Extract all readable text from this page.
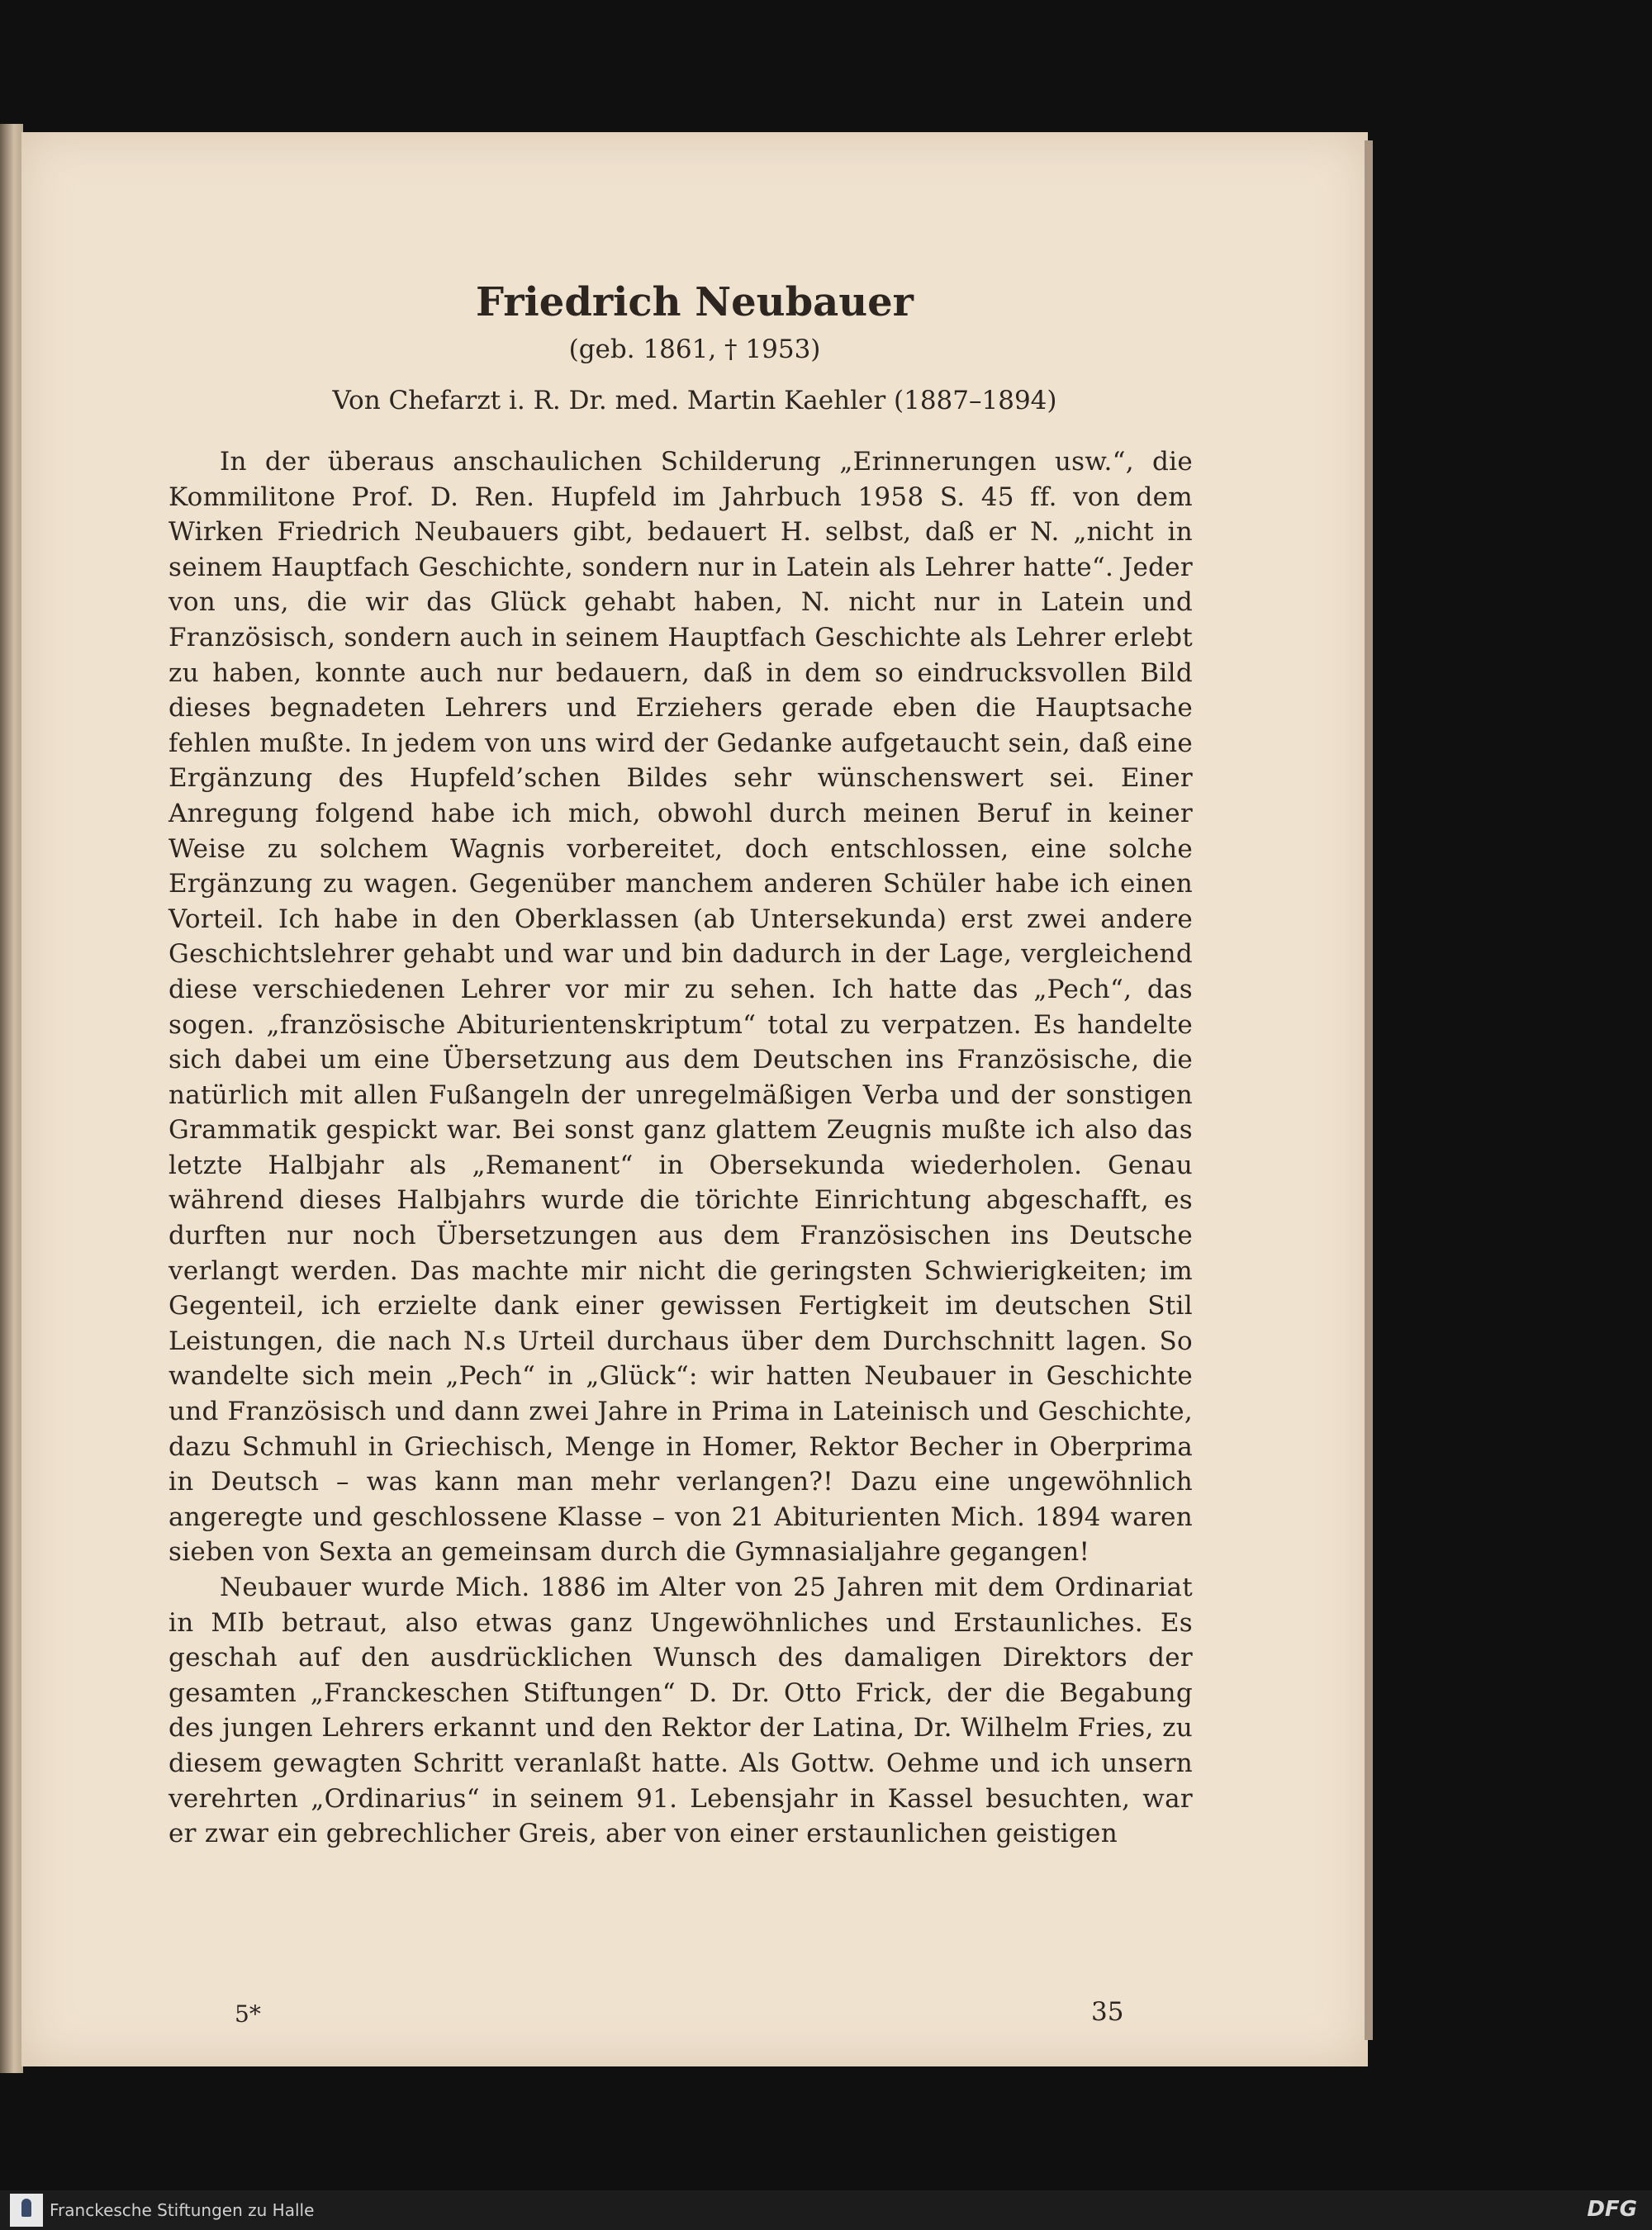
Friedrich Neubauer
(geb. 1861, † 1953)
Von Chefarzt i. R. Dr. med. Martin Kaehler (1887–1894)

In der überaus anschaulichen Schilderung „Erinnerungen usw.“, die Kommilitone Prof. D. Ren. Hupfeld im Jahrbuch 1958 S. 45 ff. von dem Wirken Friedrich Neubauers gibt, bedauert H. selbst, daß er N. „nicht in seinem Hauptfach Geschichte, sondern nur in Latein als Lehrer hatte“. Jeder von uns, die wir das Glück gehabt haben, N. nicht nur in Latein und Französisch, sondern auch in seinem Hauptfach Geschichte als Lehrer erlebt zu haben, konnte auch nur bedauern, daß in dem so eindrucksvollen Bild dieses begnadeten Lehrers und Erziehers gerade eben die Hauptsache fehlen mußte. In jedem von uns wird der Gedanke aufgetaucht sein, daß eine Ergänzung des Hupfeld’schen Bildes sehr wünschenswert sei. Einer Anregung folgend habe ich mich, obwohl durch meinen Beruf in keiner Weise zu solchem Wagnis vorbereitet, doch entschlossen, eine solche Ergänzung zu wagen. Gegenüber manchem anderen Schüler habe ich einen Vorteil. Ich habe in den Oberklassen (ab Untersekunda) erst zwei andere Geschichtslehrer gehabt und war und bin dadurch in der Lage, vergleichend diese verschiedenen Lehrer vor mir zu sehen. Ich hatte das „Pech“, das sogen. „französische Abiturientenskriptum“ total zu verpatzen. Es handelte sich dabei um eine Übersetzung aus dem Deutschen ins Französische, die natürlich mit allen Fußangeln der unregelmäßigen Verba und der sonstigen Grammatik gespickt war. Bei sonst ganz glattem Zeugnis mußte ich also das letzte Halbjahr als „Remanent“ in Obersekunda wiederholen. Genau während dieses Halbjahrs wurde die törichte Einrichtung abgeschafft, es durften nur noch Übersetzungen aus dem Französischen ins Deutsche verlangt werden. Das machte mir nicht die geringsten Schwierigkeiten; im Gegenteil, ich erzielte dank einer gewissen Fertigkeit im deutschen Stil Leistungen, die nach N.s Urteil durchaus über dem Durchschnitt lagen. So wandelte sich mein „Pech“ in „Glück“: wir hatten Neubauer in Geschichte und Französisch und dann zwei Jahre in Prima in Lateinisch und Geschichte, dazu Schmuhl in Griechisch, Menge in Homer, Rektor Becher in Oberprima in Deutsch – was kann man mehr verlangen?! Dazu eine ungewöhnlich angeregte und geschlossene Klasse – von 21 Abiturienten Mich. 1894 waren sieben von Sexta an gemeinsam durch die Gymnasialjahre gegangen!

Neubauer wurde Mich. 1886 im Alter von 25 Jahren mit dem Ordinariat in MIb betraut, also etwas ganz Ungewöhnliches und Erstaunliches. Es geschah auf den ausdrücklichen Wunsch des damaligen Direktors der gesamten „Franckeschen Stiftungen“ D. Dr. Otto Frick, der die Begabung des jungen Lehrers erkannt und den Rektor der Latina, Dr. Wilhelm Fries, zu diesem gewagten Schritt veranlaßt hatte. Als Gottw. Oehme und ich unsern verehrten „Ordinarius“ in seinem 91. Lebensjahr in Kassel besuchten, war er zwar ein gebrechlicher Greis, aber von einer erstaunlichen geistigen

5*	35
Franckesche Stiftungen zu Halle	DFG
